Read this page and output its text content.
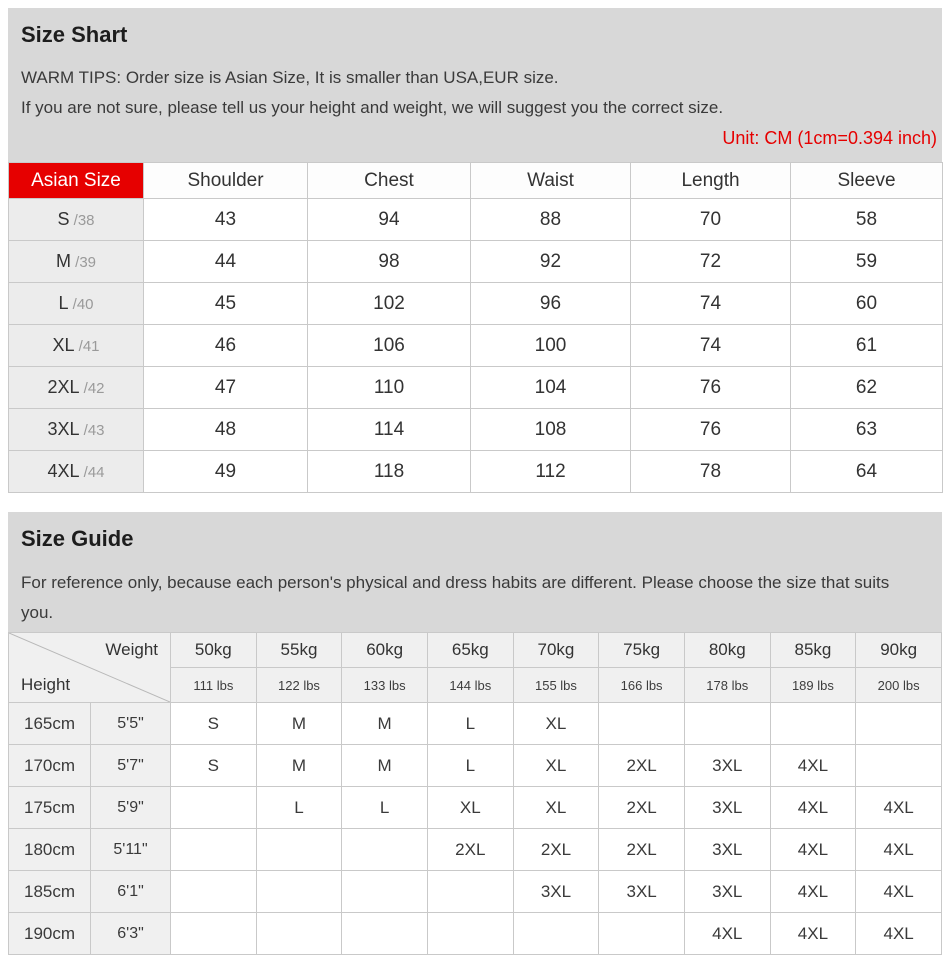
Size Shart
WARM TIPS: Order size is Asian Size, It is smaller than USA,EUR size.
If you are not sure, please tell us your height and weight, we will suggest you the correct size.
Unit: CM (1cm=0.394 inch)
Asian Size	Shoulder	Chest	Waist	Length	Sleeve
S /38	43	94	88	70	58
M /39	44	98	92	72	59
L /40	45	102	96	74	60
XL /41	46	106	100	74	61
2XL /42	47	110	104	76	62
3XL /43	48	114	108	76	63
4XL /44	49	118	112	78	64
Size Guide
For reference only, because each person's physical and dress habits are different. Please choose the size that suits you.
Weight
Height		50kg	55kg	60kg	65kg	70kg	75kg	80kg	85kg	90kg
		111 lbs	122 lbs	133 lbs	144 lbs	155 lbs	166 lbs	178 lbs	189 lbs	200 lbs
165cm	5'5"	S	M	M	L	XL				
170cm	5'7"	S	M	M	L	XL	2XL	3XL	4XL	
175cm	5'9"		L	L	XL	XL	2XL	3XL	4XL	4XL
180cm	5'11"				2XL	2XL	2XL	3XL	4XL	4XL
185cm	6'1"					3XL	3XL	3XL	4XL	4XL
190cm	6'3"							4XL	4XL	4XL
